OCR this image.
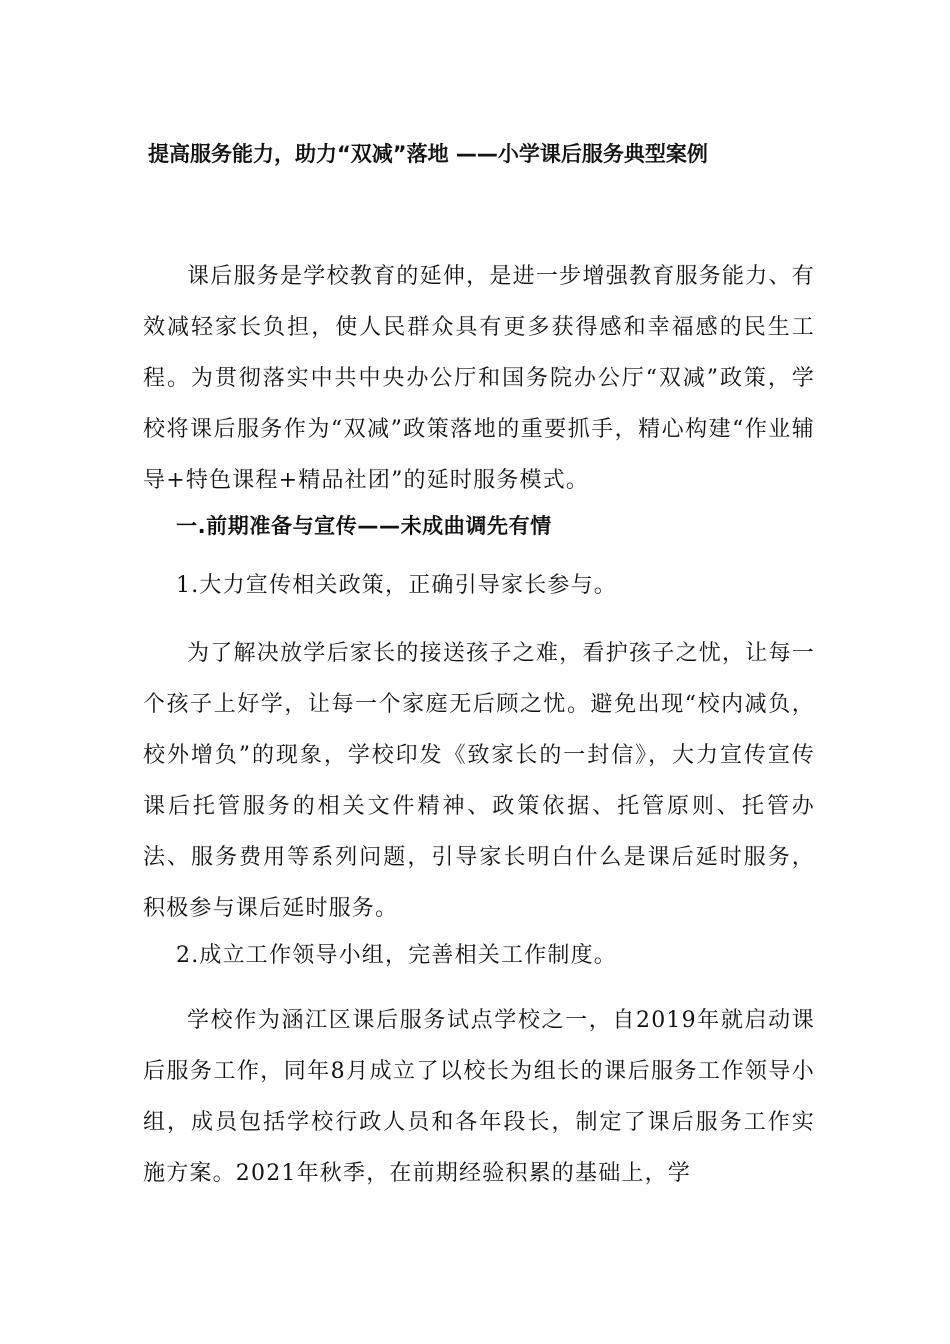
提高服务能力，助力“双减”落地 ——小学课后服务典型案例

课后服务是学校教育的延伸，是进一步增强教育服务能力、有效减轻家长负担，使人民群众具有更多获得感和幸福感的民生工程。为贯彻落实中共中央办公厅和国务院办公厅“双减”政策，学校将课后服务作为“双减”政策落地的重要抓手，精心构建“作业辅导+特色课程+精品社团”的延时服务模式。

一.前期准备与宣传——未成曲调先有情

1.大力宣传相关政策，正确引导家长参与。

为了解决放学后家长的接送孩子之难，看护孩子之忧，让每一个孩子上好学，让每一个家庭无后顾之忧。避免出现“校内减负，校外增负”的现象，学校印发《致家长的一封信》，大力宣传宣传课后托管服务的相关文件精神、政策依据、托管原则、托管办法、服务费用等系列问题，引导家长明白什么是课后延时服务，积极参与课后延时服务。

2.成立工作领导小组，完善相关工作制度。

学校作为涵江区课后服务试点学校之一，自2019年就启动课后服务工作，同年8月成立了以校长为组长的课后服务工作领导小组，成员包括学校行政人员和各年段长，制定了课后服务工作实施方案。2021年秋季，在前期经验积累的基础上，学
